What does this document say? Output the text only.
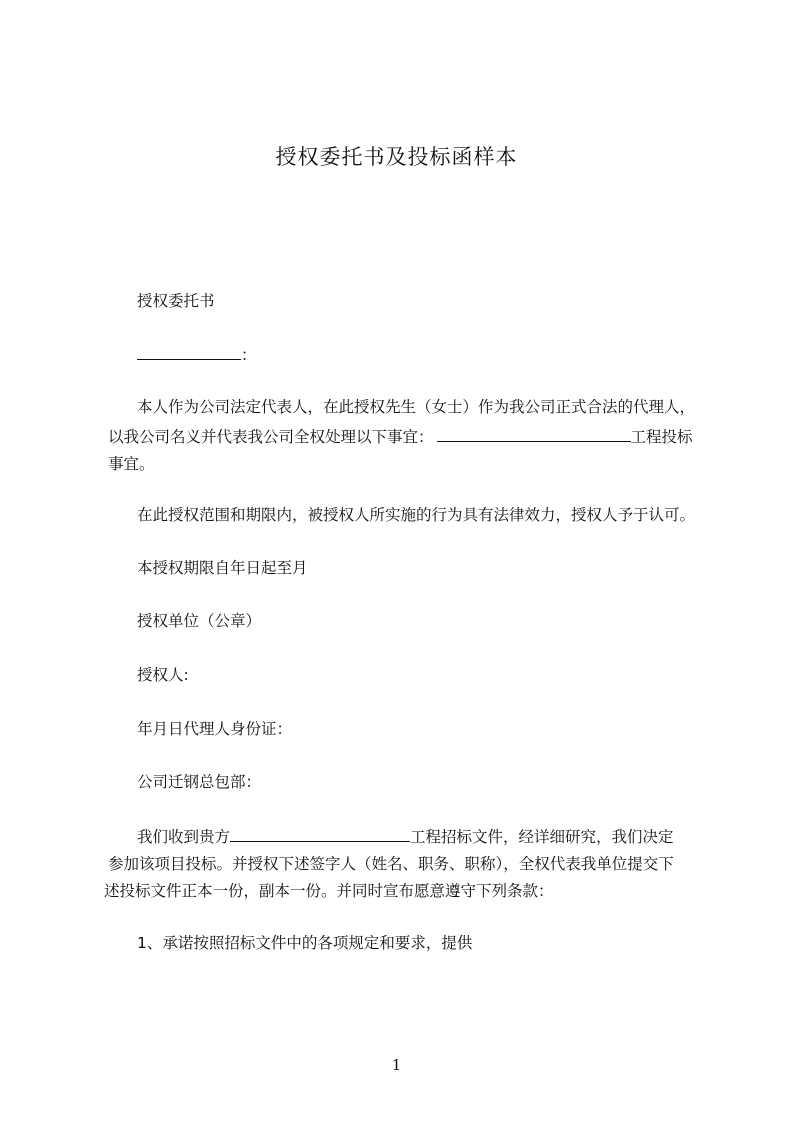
授权委托书及投标函样本
授权委托书
：
本人作为公司法定代表人，在此授权先生（女士）作为我公司正式合法的代理人，
以我公司名义并代表我公司全权处理以下事宜：	工程投标
事宜。
在此授权范围和期限内，被授权人所实施的行为具有法律效力，授权人予于认可。
本授权期限自年日起至月
授权单位（公章）
授权人:
年月日代理人身份证：
公司迁钢总包部：
我们收到贵方	工程招标文件，经详细研究，我们决定
参加该项目投标。并授权下述签字人（姓名、职务、职称），全权代表我单位提交下
述投标文件正本一份，副本一份。并同时宣布愿意遵守下列条款：
1、承诺按照招标文件中的各项规定和要求，提供
1
